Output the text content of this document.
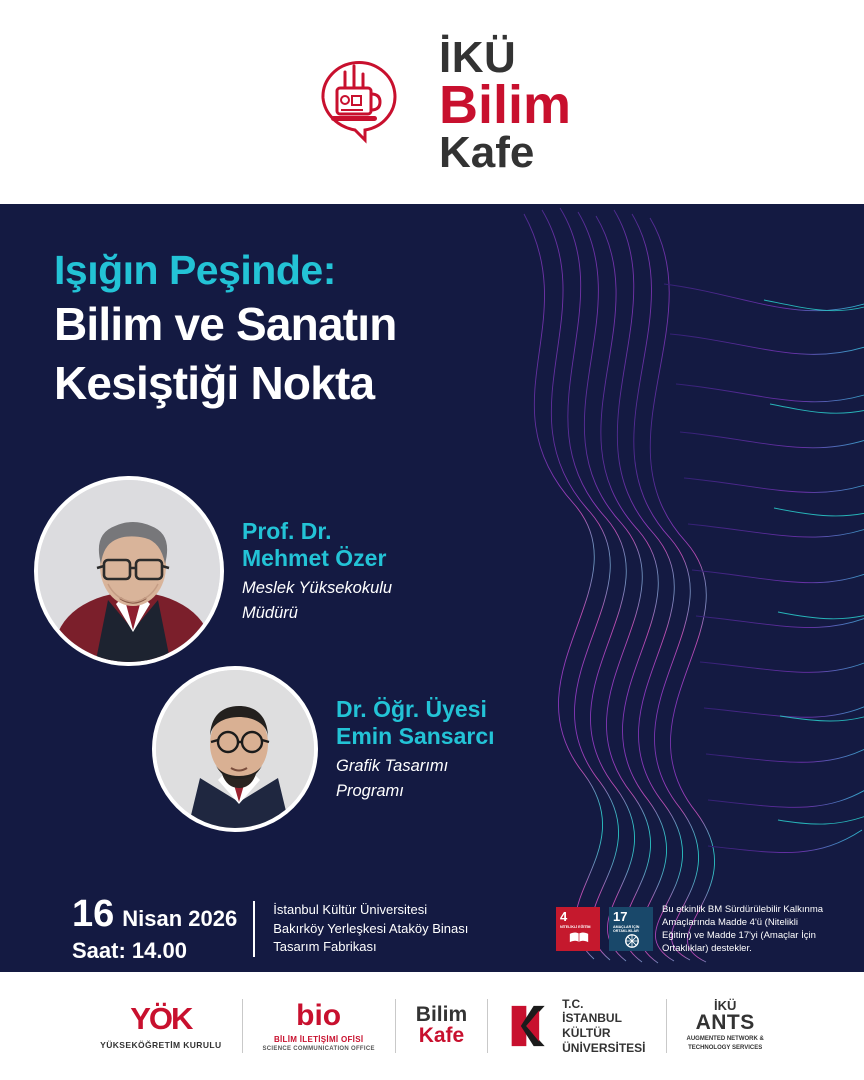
İKÜ
Bilim
Kafe
Işığın Peşinde:
Bilim ve Sanatın
Kesiştiği Nokta
Prof. Dr.
Mehmet Özer
Meslek Yüksekokulu
Müdürü
Dr. Öğr. Üyesi
Emin Sansarcı
Grafik Tasarımı
Programı
16 Nisan 2026
Saat: 14.00
İstanbul Kültür Üniversitesi
Bakırköy Yerleşkesi Ataköy Binası
Tasarım Fabrikası
4
NİTELİKLİ EĞİTİM
17
AMAÇLAR İÇİN ORTAKLIKLAR
Bu etkinlik BM Sürdürülebilir Kalkınma Amaçlarında Madde 4'ü (Nitelikli Eğitim) ve Madde 17'yi (Amaçlar İçin Ortaklıklar) destekler.
YÖK
YÜKSEKÖĞRETİM KURULU
bio
BİLİM İLETİŞİMİ OFİSİ
SCIENCE COMMUNICATION OFFICE
Bilim
Kafe
T.C.
İSTANBUL
KÜLTÜR
ÜNİVERSİTESİ
İKÜ
ANTS
AUGMENTED NETWORK &
TECHNOLOGY SERVICES
